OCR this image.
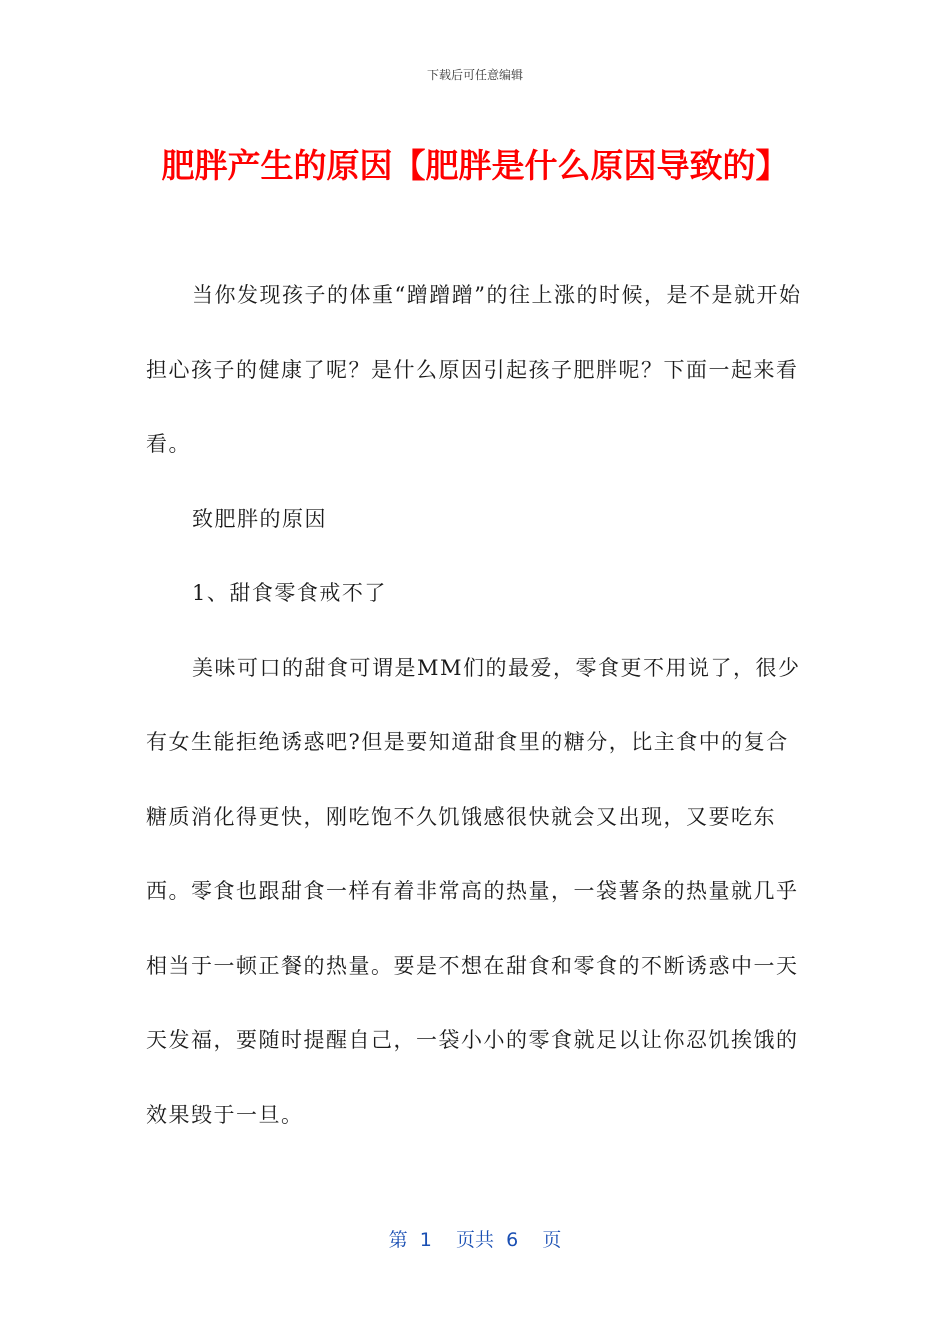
下载后可任意编辑
肥胖产生的原因【肥胖是什么原因导致的】

当你发现孩子的体重“蹭蹭蹭”的往上涨的时候，是不是就开始担心孩子的健康了呢？是什么原因引起孩子肥胖呢？下面一起来看看。

致肥胖的原因

1、甜食零食戒不了

美味可口的甜食可谓是MM们的最爱，零食更不用说了，很少有女生能拒绝诱惑吧?但是要知道甜食里的糖分，比主食中的复合糖质消化得更快，刚吃饱不久饥饿感很快就会又出现，又要吃东西。零食也跟甜食一样有着非常高的热量，一袋薯条的热量就几乎相当于一顿正餐的热量。要是不想在甜食和零食的不断诱惑中一天天发福，要随时提醒自己，一袋小小的零食就足以让你忍饥挨饿的效果毁于一旦。

第 1 页共 6 页
